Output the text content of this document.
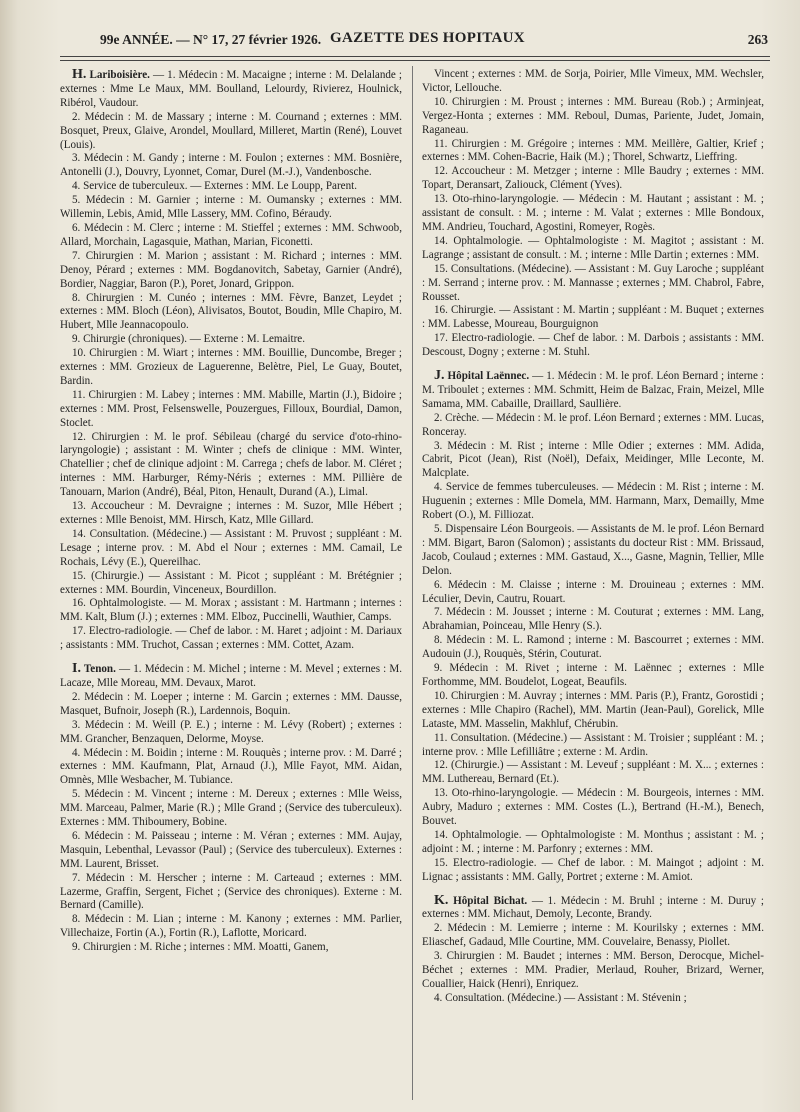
99e ANNÉE. — N° 17, 27 février 1926. GAZETTE DES HOPITAUX	263

H. Lariboisière. — 1. Médecin : M. Macaigne ; interne : M. Delalande ; externes : Mme Le Maux, MM. Boulland, Lelourdy, Rivierez, Houlnick, Ribérol, Vaudour.

2. Médecin : M. de Massary ; interne : M. Cournand ; externes : MM. Bosquet, Preux, Glaive, Arondel, Moullard, Milleret, Martin (René), Louvet (Louis).

3. Médecin : M. Gandy ; interne : M. Foulon ; externes : MM. Bosnière, Antonelli (J.), Douvry, Lyonnet, Comar, Durel (M.-J.), Vandenbosche.

4. Service de tuberculeux. — Externes : MM. Le Loupp, Parent.

5. Médecin : M. Garnier ; interne : M. Oumansky ; externes : MM. Willemin, Lebis, Amid, Mlle Lassery, MM. Cofino, Béraudy.

6. Médecin : M. Clerc ; interne : M. Stieffel ; externes : MM. Schwoob, Allard, Morchain, Lagasquie, Mathan, Marian, Ficonetti.

7. Chirurgien : M. Marion ; assistant : M. Richard ; internes : MM. Denoy, Pérard ; externes : MM. Bogdanovitch, Sabetay, Garnier (André), Bordier, Naggiar, Baron (P.), Poret, Jonard, Grippon.

8. Chirurgien : M. Cunéo ; internes : MM. Fèvre, Banzet, Leydet ; externes : MM. Bloch (Léon), Alivisatos, Boutot, Boudin, Mlle Chapiro, M. Hubert, Mlle Jeannacopoulo.

9. Chirurgie (chroniques). — Externe : M. Lemaitre.

10. Chirurgien : M. Wiart ; internes : MM. Bouillie, Duncombe, Breger ; externes : MM. Grozieux de Laguerenne, Belètre, Piel, Le Guay, Boutet, Bardin.

11. Chirurgien : M. Labey ; internes : MM. Mabille, Martin (J.), Bidoire ; externes : MM. Prost, Felsenswelle, Pouzergues, Filloux, Bourdial, Damon, Stoclet.

12. Chirurgien : M. le prof. Sébileau (chargé du service d'oto-rhino-laryngologie) ; assistant : M. Winter ; chefs de clinique : MM. Winter, Chatellier ; chef de clinique adjoint : M. Carrega ; chefs de labor. M. Cléret ; internes : MM. Harburger, Rémy-Néris ; externes : MM. Pillière de Tanouarn, Marion (André), Béal, Piton, Henault, Durand (A.), Limal.

13. Accoucheur : M. Devraigne ; internes : M. Suzor, Mlle Hébert ; externes : Mlle Benoist, MM. Hirsch, Katz, Mlle Gillard.

14. Consultation. (Médecine.) — Assistant : M. Pruvost ; suppléant : M. Lesage ; interne prov. : M. Abd el Nour ; externes : MM. Camail, Le Rochais, Lévy (E.), Quereilhac.

15. (Chirurgie.) — Assistant : M. Picot ; suppléant : M. Brétégnier ; externes : MM. Bourdin, Vinceneux, Bourdillon.

16. Ophtalmologiste. — M. Morax ; assistant : M. Hartmann ; internes : MM. Kalt, Blum (J.) ; externes : MM. Elboz, Puccinelli, Wauthier, Camps.

17. Electro-radiologie. — Chef de labor. : M. Haret ; adjoint : M. Dariaux ; assistants : MM. Truchot, Cassan ; externes : MM. Cottet, Azam.

I. Tenon. — 1. Médecin : M. Michel ; interne : M. Mevel ; externes : M. Lacaze, Mlle Moreau, MM. Devaux, Marot.

2. Médecin : M. Loeper ; interne : M. Garcin ; externes : MM. Dausse, Masquet, Bufnoir, Joseph (R.), Lardennois, Boquin.

3. Médecin : M. Weill (P. E.) ; interne : M. Lévy (Robert) ; externes : MM. Grancher, Benzaquen, Delorme, Moyse.

4. Médecin : M. Boidin ; interne : M. Rouquès ; interne prov. : M. Darré ; externes : MM. Kaufmann, Plat, Arnaud (J.), Mlle Fayot, MM. Aidan, Omnès, Mlle Wesbacher, M. Tubiance.

5. Médecin : M. Vincent ; interne : M. Dereux ; externes : Mlle Weiss, MM. Marceau, Palmer, Marie (R.) ; Mlle Grand ; (Service des tuberculeux). Externes : MM. Thiboumery, Bobine.

6. Médecin : M. Paisseau ; interne : M. Véran ; externes : MM. Aujay, Masquin, Lebenthal, Levassor (Paul) ; (Service des tuberculeux). Externes : MM. Laurent, Brisset.

7. Médecin : M. Herscher ; interne : M. Carteaud ; externes : MM. Lazerme, Graffin, Sergent, Fichet ; (Service des chroniques). Externe : M. Bernard (Camille).

8. Médecin : M. Lian ; interne : M. Kanony ; externes : MM. Parlier, Villechaize, Fortin (A.), Fortin (R.), Laflotte, Moricard.

9. Chirurgien : M. Riche ; internes : MM. Moatti, Ganem,

Vincent ; externes : MM. de Sorja, Poirier, Mlle Vimeux, MM. Wechsler, Victor, Lellouche.

10. Chirurgien : M. Proust ; internes : MM. Bureau (Rob.) ; Arminjeat, Vergez-Honta ; externes : MM. Reboul, Dumas, Pariente, Judet, Jomain, Raganeau.

11. Chirurgien : M. Grégoire ; internes : MM. Meillère, Galtier, Krief ; externes : MM. Cohen-Bacrie, Haik (M.) ; Thorel, Schwartz, Lieffring.

12. Accoucheur : M. Metzger ; interne : Mlle Baudry ; externes : MM. Topart, Deransart, Zaliouck, Clément (Yves).

13. Oto-rhino-laryngologie. — Médecin : M. Hautant ; assistant : M. ; assistant de consult. : M. ; interne : M. Valat ; externes : Mlle Bondoux, MM. Andrieu, Touchard, Agostini, Romeyer, Rogès.

14. Ophtalmologie. — Ophtalmologiste : M. Magitot ; assistant : M. Lagrange ; assistant de consult. : M. ; interne : Mlle Dartin ; externes : MM.

15. Consultations. (Médecine). — Assistant : M. Guy Laroche ; suppléant : M. Serrand ; interne prov. : M. Mannasse ; externes ; MM. Chabrol, Fabre, Rousset.

16. Chirurgie. — Assistant : M. Martin ; suppléant : M. Buquet ; externes : MM. Labesse, Moureau, Bourguignon

17. Electro-radiologie. — Chef de labor. : M. Darbois ; assistants : MM. Descoust, Dogny ; externe : M. Stuhl.

J. Hôpital Laënnec. — 1. Médecin : M. le prof. Léon Bernard ; interne : M. Triboulet ; externes : MM. Schmitt, Heim de Balzac, Frain, Meizel, Mlle Samama, MM. Cabaille, Draillard, Saullière.

2. Crèche. — Médecin : M. le prof. Léon Bernard ; externes : MM. Lucas, Ronceray.

3. Médecin : M. Rist ; interne : Mlle Odier ; externes : MM. Adida, Cabrit, Picot (Jean), Rist (Noël), Defaix, Meidinger, Mlle Leconte, M. Malcplate.

4. Service de femmes tuberculeuses. — Médecin : M. Rist ; interne : M. Huguenin ; externes : Mlle Domela, MM. Harmann, Marx, Demailly, Mme Robert (O.), M. Filliozat.

5. Dispensaire Léon Bourgeois. — Assistants de M. le prof. Léon Bernard : MM. Bigart, Baron (Salomon) ; assistants du docteur Rist : MM. Brissaud, Jacob, Coulaud ; externes : MM. Gastaud, X..., Gasne, Magnin, Tellier, Mlle Delon.

6. Médecin : M. Claisse ; interne : M. Drouineau ; externes : MM. Léculier, Devin, Cautru, Rouart.

7. Médecin : M. Jousset ; interne : M. Couturat ; externes : MM. Lang, Abrahamian, Poinceau, Mlle Henry (S.).

8. Médecin : M. L. Ramond ; interne : M. Bascourret ; externes : MM. Audouin (J.), Rouquès, Stérin, Couturat.

9. Médecin : M. Rivet ; interne : M. Laënnec ; externes : Mlle Forthomme, MM. Boudelot, Logeat, Beaufils.

10. Chirurgien : M. Auvray ; internes : MM. Paris (P.), Frantz, Gorostidi ; externes : Mlle Chapiro (Rachel), MM. Martin (Jean-Paul), Gorelick, Mlle Lataste, MM. Masselin, Makhluf, Chérubin.

11. Consultation. (Médecine.) — Assistant : M. Troisier ; suppléant : M. ; interne prov. : Mlle Lefilliâtre ; externe : M. Ardin.

12. (Chirurgie.) — Assistant : M. Leveuf ; suppléant : M. X... ; externes : MM. Luthereau, Bernard (Et.).

13. Oto-rhino-laryngologie. — Médecin : M. Bourgeois, internes : MM. Aubry, Maduro ; externes : MM. Costes (L.), Bertrand (H.-M.), Benech, Bouvet.

14. Ophtalmologie. — Ophtalmologiste : M. Monthus ; assistant : M. ; adjoint : M. ; interne : M. Parfonry ; externes : MM.

15. Electro-radiologie. — Chef de labor. : M. Maingot ; adjoint : M. Lignac ; assistants : MM. Gally, Portret ; externe : M. Amiot.

K. Hôpital Bichat. — 1. Médecin : M. Bruhl ; interne : M. Duruy ; externes : MM. Michaut, Demoly, Leconte, Brandy.

2. Médecin : M. Lemierre ; interne : M. Kourilsky ; externes : MM. Eliaschef, Gadaud, Mlle Courtine, MM. Couvelaire, Benassy, Piollet.

3. Chirurgien : M. Baudet ; internes : MM. Berson, Derocque, Michel-Béchet ; externes : MM. Pradier, Merlaud, Rouher, Brizard, Werner, Couallier, Haick (Henri), Enriquez.

4. Consultation. (Médecine.) — Assistant : M. Stévenin ;
